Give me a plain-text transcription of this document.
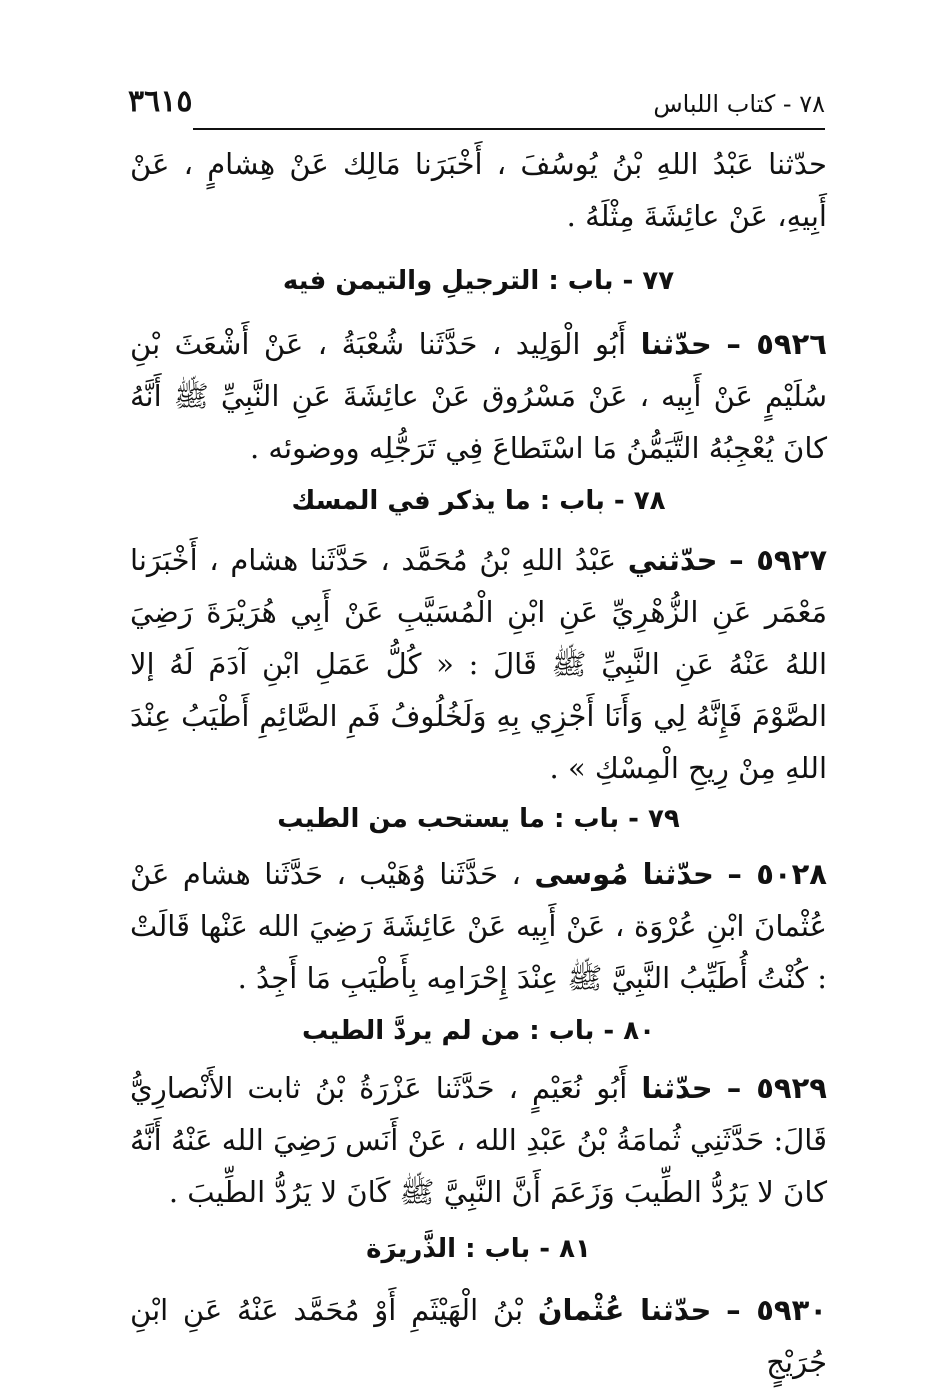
٣٦١٥	٧٨ - كتاب اللباس

حدّثنا عَبْدُ اللهِ بْنُ يُوسُفَ ، أَخْبَرَنا مَالِك عَنْ هِشامٍ ، عَنْ أَبِيهِ، عَنْ عائِشَةَ مِثْلَهُ .

٧٧ - باب : الترجيلِ والتيمن فيه

٥٩٢٦ – حدّثنا أَبُو الْوَلِيد ، حَدَّثَنا شُعْبَةُ ، عَنْ أَشْعَثَ بْنِ سُلَيْمٍ عَنْ أَبِيه ، عَنْ مَسْرُوق عَنْ عائِشَةَ عَنِ النَّبِيِّ ﷺ أَنَّهُ كانَ يُعْجِبُهُ التَّيَمُّنُ مَا اسْتَطاعَ فِي تَرَجُّلِه ووضوئه .

٧٨ - باب : ما يذكر في المسك

٥٩٢٧ – حدّثني عَبْدُ اللهِ بْنُ مُحَمَّد ، حَدَّثَنا هشام ، أَخْبَرَنا مَعْمَر عَنِ الزُّهْرِيِّ عَنِ ابْنِ الْمُسَيَّبِ عَنْ أَبِي هُرَيْرَةَ رَضِيَ اللهُ عَنْهُ عَنِ النَّبِيِّ ﷺ قَالَ : « كُلُّ عَمَلِ ابْنِ آدَمَ لَهُ إلا الصَّوْمَ فَإِنَّهُ لِي وَأَنَا أَجْزِي بِهِ وَلَخُلُوفُ فَمِ الصَّائِمِ أَطْيَبُ عِنْدَ اللهِ مِنْ رِيحِ الْمِسْكِ » .

٧٩ - باب : ما يستحب من الطيب

٥٠٢٨ – حدّثنا مُوسى ، حَدَّثَنا وُهَيْب ، حَدَّثَنا هشام عَنْ عُثْمانَ ابْنِ عُرْوَة ، عَنْ أَبِيه عَنْ عَائِشَةَ رَضِيَ الله عَنْها قَالَتْ : كُنْتُ أُطَيِّبُ النَّبِيَّ ﷺ عِنْدَ إِحْرَامِه بِأَطْيَبِ مَا أَجِدُ .

٨٠ - باب : من لم يردَّ الطيب

٥٩٢٩ – حدّثنا أَبُو نُعَيْمٍ ، حَدَّثَنا عَزْرَةُ بْنُ ثابت الأَنْصارِيُّ قَالَ: حَدَّثَنِي ثُمامَةُ بْنُ عَبْدِ الله ، عَنْ أَنَس رَضِيَ الله عَنْهُ أَنَّهُ كانَ لا يَرُدُّ الطِّيبَ وَزَعَمَ أَنَّ النَّبِيَّ ﷺ كَانَ لا يَرُدُّ الطِّيبَ .

٨١ - باب : الذَّريرَة

٥٩٣٠ – حدّثنا عُثْمانُ بْنُ الْهَيْثَمِ أَوْ مُحَمَّد عَنْهُ عَنِ ابْنِ جُرَيْجٍ
